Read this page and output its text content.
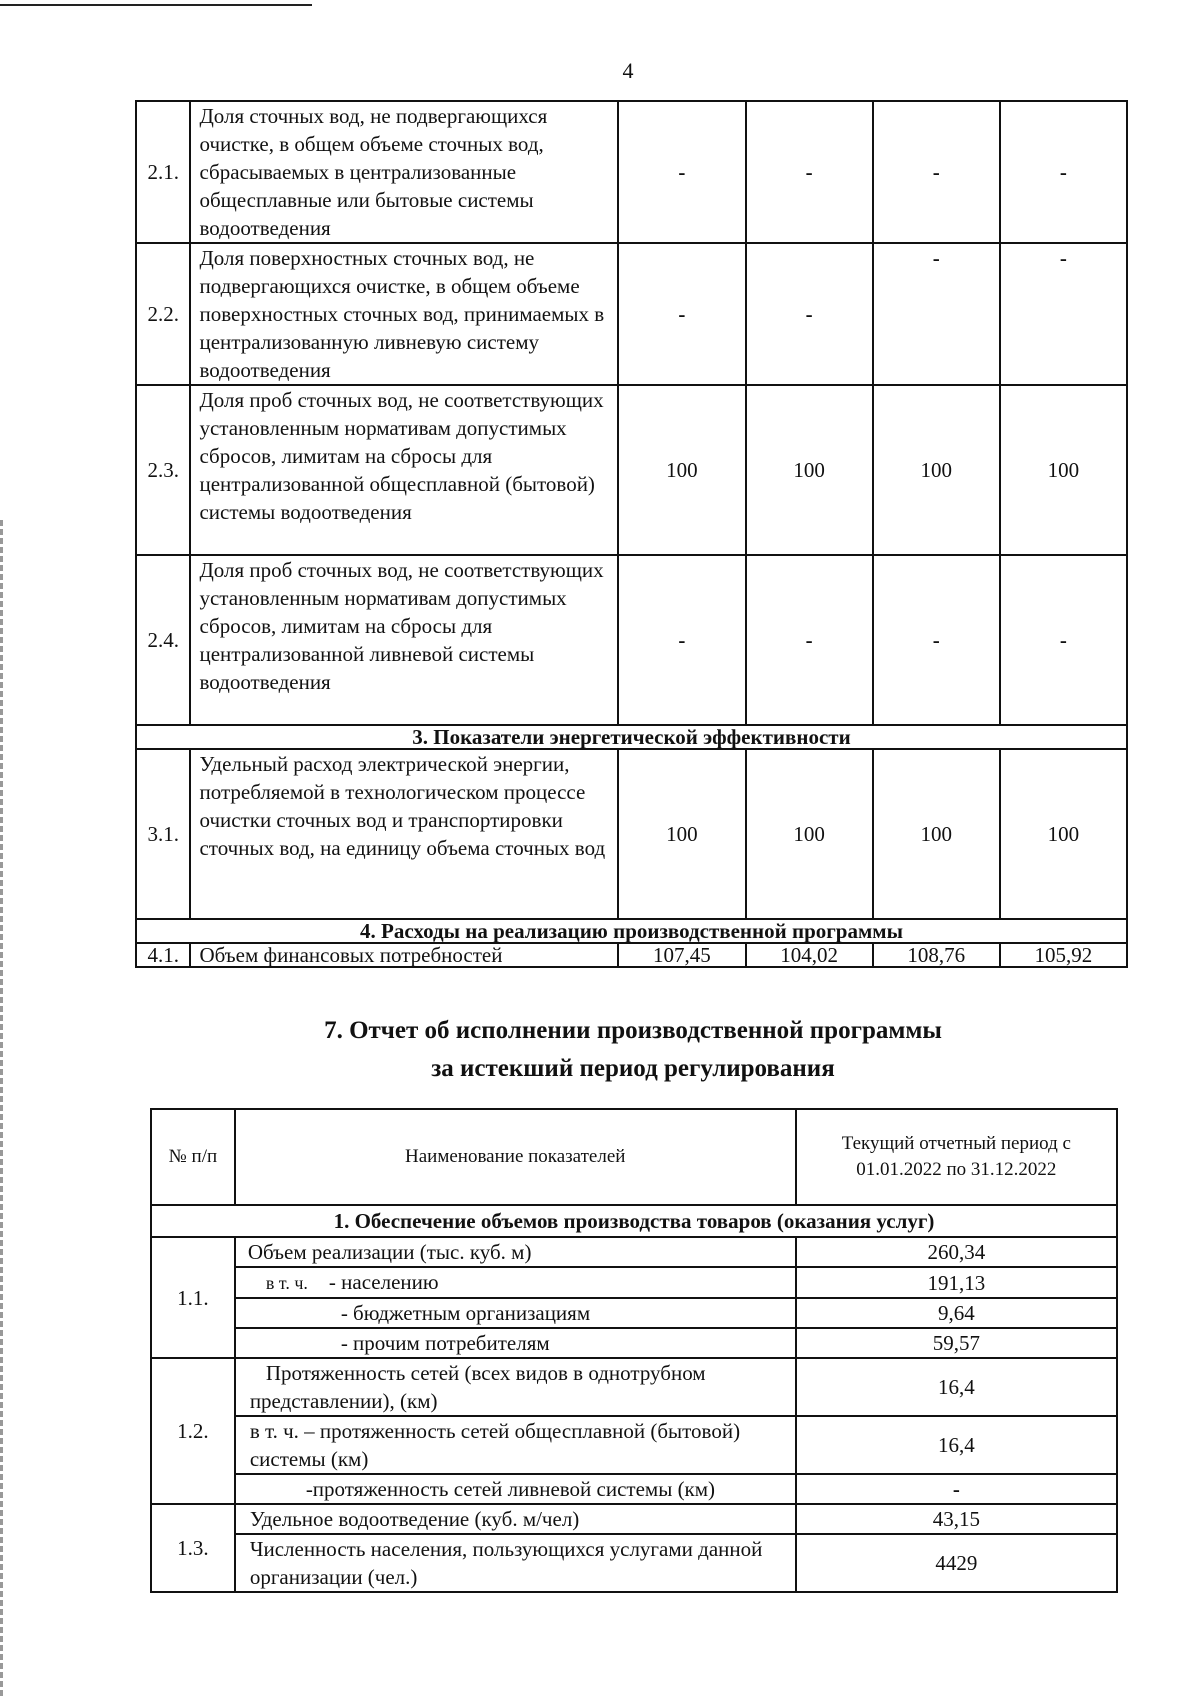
4
2.1.	Доля сточных вод, не подвергающихся очистке, в общем объеме сточных вод, сбрасываемых в централизованные общесплавные или бытовые системы водоотведения	-	-	-	-
2.2.	Доля поверхностных сточных вод, не подвергающихся очистке, в общем объеме поверхностных сточных вод, принимаемых в централизованную ливневую систему водоотведения	-	-	-	-
2.3.	Доля проб сточных вод, не соответствующих установленным нормативам допустимых сбросов, лимитам на сбросы для централизованной общесплавной (бытовой) системы водоотведения	100	100	100	100
2.4.	Доля проб сточных вод, не соответствующих установленным нормативам допустимых сбросов, лимитам на сбросы для централизованной ливневой системы водоотведения	-	-	-	-
3. Показатели энергетической эффективности					
3.1.	Удельный расход электрической энергии, потребляемой в технологическом процессе очистки сточных вод и транспортировки сточных вод, на единицу объема сточных вод	100	100	100	100
4. Расходы на реализацию производственной программы					
4.1.	Объем финансовых потребностей	107,45	104,02	108,76	105,92
7. Отчет об исполнении производственной программы
за истекший период регулирования
№ п/п	Наименование показателей	Текущий отчетный период с 01.01.2022 по 31.12.2022
1. Обеспечение объемов производства товаров (оказания услуг)		
1.1.	Объем реализации (тыс. куб. м)	260,34
	в т. ч. - населению	191,13
	- бюджетным организациям	9,64
	- прочим потребителям	59,57
1.2.	Протяженность сетей (всех видов в однотрубном представлении), (км)	16,4
	в т. ч. – протяженность сетей общесплавной (бытовой) системы (км)	16,4
	-протяженность сетей ливневой системы (км)	-
1.3.	Удельное водоотведение (куб. м/чел)	43,15
	Численность населения, пользующихся услугами данной организации (чел.)	4429
